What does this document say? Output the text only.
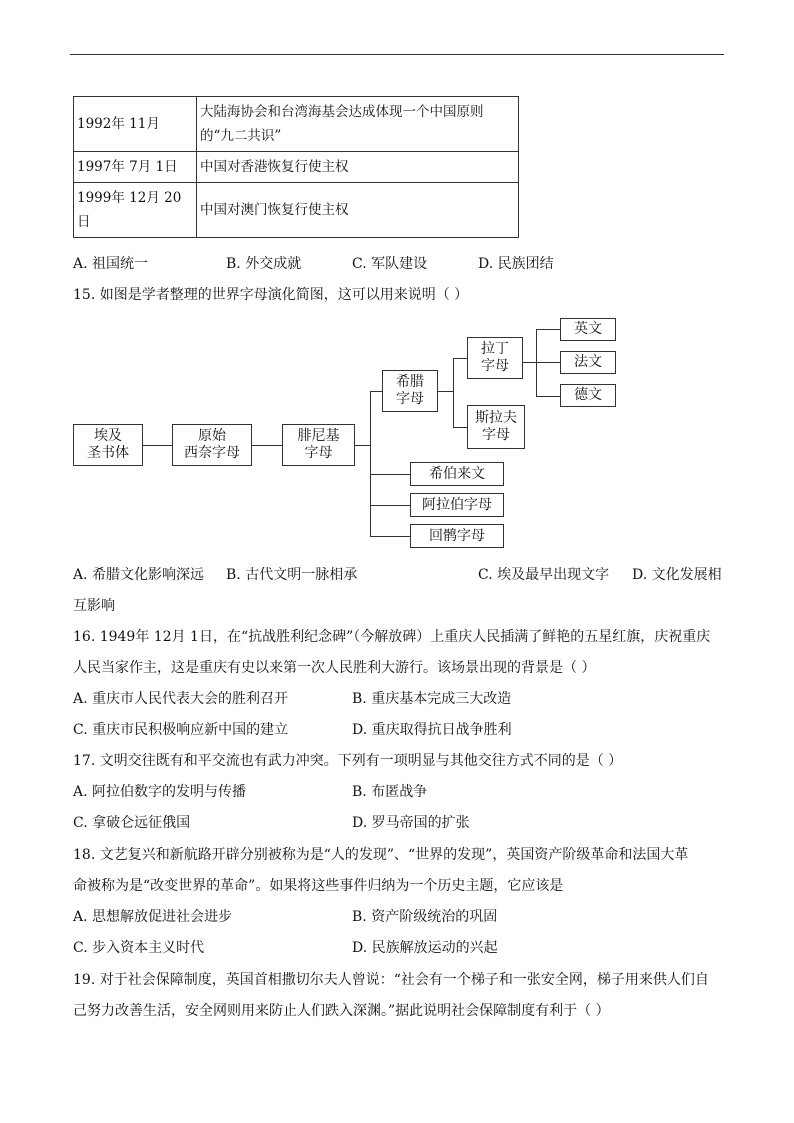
1992年 11月	大陆海协会和台湾海基会达成体现一个中国原则的“九二共识”
1997年 7月 1日	中国对香港恢复行使主权
1999年 12月 20日	中国对澳门恢复行使主权
A. 祖国统一	B. 外交成就	C. 军队建设	D. 民族团结
15. 如图是学者整理的世界字母演化简图，这可以用来说明（ ）
埃及
圣书体
原始
西奈字母
腓尼基
字母
希腊
字母
拉丁
字母
斯拉夫
字母
英文
法文
德文
希伯来文
阿拉伯字母
回鹘字母
A. 希腊文化影响深远 B. 古代文明一脉相承	C. 埃及最早出现文字 D. 文化发展相
互影响
16. 1949年 12月 1日，在“抗战胜利纪念碑”（今解放碑）上重庆人民插满了鲜艳的五星红旗，庆祝重庆
人民当家作主，这是重庆有史以来第一次人民胜利大游行。该场景出现的背景是（ ）
A. 重庆市人民代表大会的胜利召开	B. 重庆基本完成三大改造
C. 重庆市民积极响应新中国的建立	D. 重庆取得抗日战争胜利
17. 文明交往既有和平交流也有武力冲突。下列有一项明显与其他交往方式不同的是（ ）
A. 阿拉伯数字的发明与传播	B. 布匿战争
C. 拿破仑远征俄国	D. 罗马帝国的扩张
18. 文艺复兴和新航路开辟分别被称为是“人的发现”、“世界的发现”，英国资产阶级革命和法国大革
命被称为是“改变世界的革命”。如果将这些事件归纳为一个历史主题，它应该是
A. 思想解放促进社会进步	B. 资产阶级统治的巩固
C. 步入资本主义时代	D. 民族解放运动的兴起
19. 对于社会保障制度，英国首相撒切尔夫人曾说：“社会有一个梯子和一张安全网，梯子用来供人们自
己努力改善生活，安全网则用来防止人们跌入深渊。”据此说明社会保障制度有利于（ ）
